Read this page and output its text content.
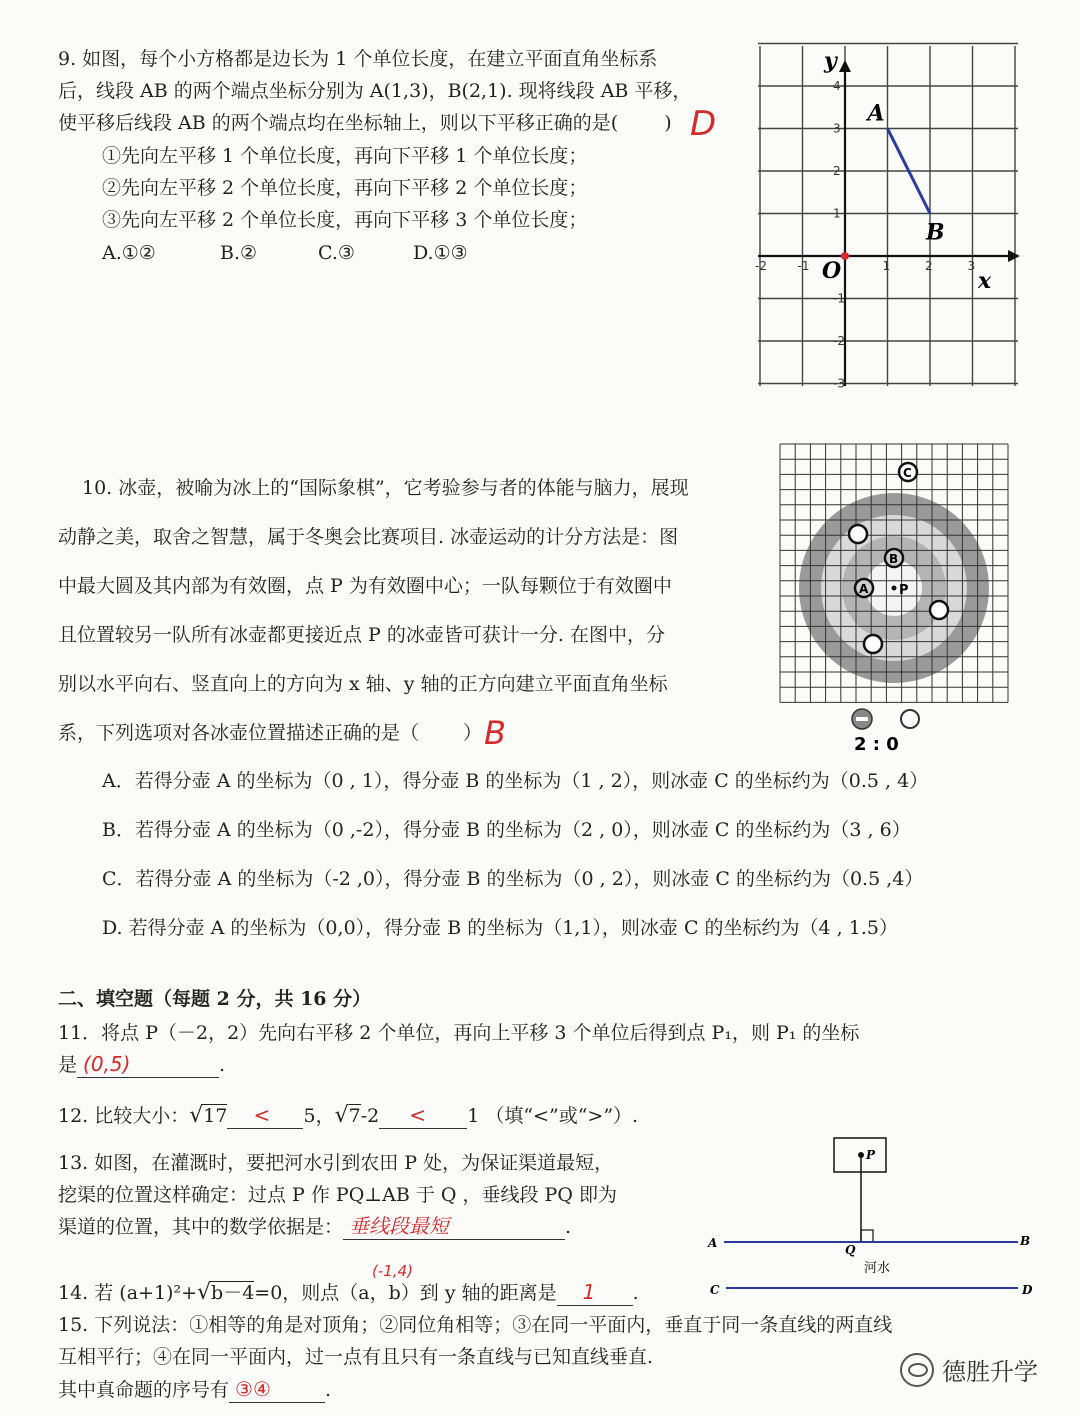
9. 如图，每个小方格都是边长为 1 个单位长度，在建立平面直角坐标系
后，线段 AB 的两个端点坐标分别为 A(1,3)，B(2,1). 现将线段 AB 平移，
使平移后线段 AB 的两个端点均在坐标轴上，则以下平移正确的是( ) D
①先向左平移 1 个单位长度，再向下平移 1 个单位长度；
②先向左平移 2 个单位长度，再向下平移 2 个单位长度；
③先向左平移 2 个单位长度，再向下平移 3 个单位长度；
A.①②	B.②	C.③	D.①③
y
x
O
-2	-1	1	2	3
4
3
2
1
-1
-2
-3
A
B
10. 冰壶，被喻为冰上的“国际象棋”，它考验参与者的体能与脑力，展现
动静之美，取舍之智慧，属于冬奥会比赛项目. 冰壶运动的计分方法是：图
中最大圆及其内部为有效圈，点 P 为有效圈中心；一队每颗位于有效圈中
且位置较另一队所有冰壶都更接近点 P 的冰壶皆可获计一分. 在图中，分
别以水平向右、竖直向上的方向为 x 轴、y 轴的正方向建立平面直角坐标
系，下列选项对各冰壶位置描述正确的是（ ） B
A．若得分壶 A 的坐标为（0 , 1），得分壶 B 的坐标为（1 , 2），则冰壶 C 的坐标约为（0.5 , 4）
B．若得分壶 A 的坐标为（0 ,-2），得分壶 B 的坐标为（2 , 0），则冰壶 C 的坐标约为（3 , 6）
C．若得分壶 A 的坐标为（-2 ,0），得分壶 B 的坐标为（0 , 2），则冰壶 C 的坐标约为（0.5 ,4）
D. 若得分壶 A 的坐标为（0,0），得分壶 B 的坐标为（1,1），则冰壶 C 的坐标约为（4 , 1.5）
C
B
A P
2 : 0
二、填空题（每题 2 分，共 16 分）
11．将点 P（－2，2）先向右平移 2 个单位，再向上平移 3 个单位后得到点 P₁，则 P₁ 的坐标
是 (0,5)	.
12. 比较大小：√17 < 5，√7-2 < 1 （填“<”或“>”）.
13. 如图，在灌溉时，要把河水引到农田 P 处，为保证渠道最短，
挖渠的位置这样确定：过点 P 作 PQ⊥AB 于 Q ，垂线段 PQ 即为
渠道的位置，其中的数学依据是： 垂线段最短	.
P
A	B
Q
河水
C	D
(-1,4)
14. 若 (a+1)²+√b－4=0，则点（a，b）到 y 轴的距离是 1 .
15. 下列说法：①相等的角是对顶角；②同位角相等；③在同一平面内，垂直于同一条直线的两直线
互相平行；④在同一平面内，过一点有且只有一条直线与已知直线垂直.
其中真命题的序号有 ③④	.
德胜升学
